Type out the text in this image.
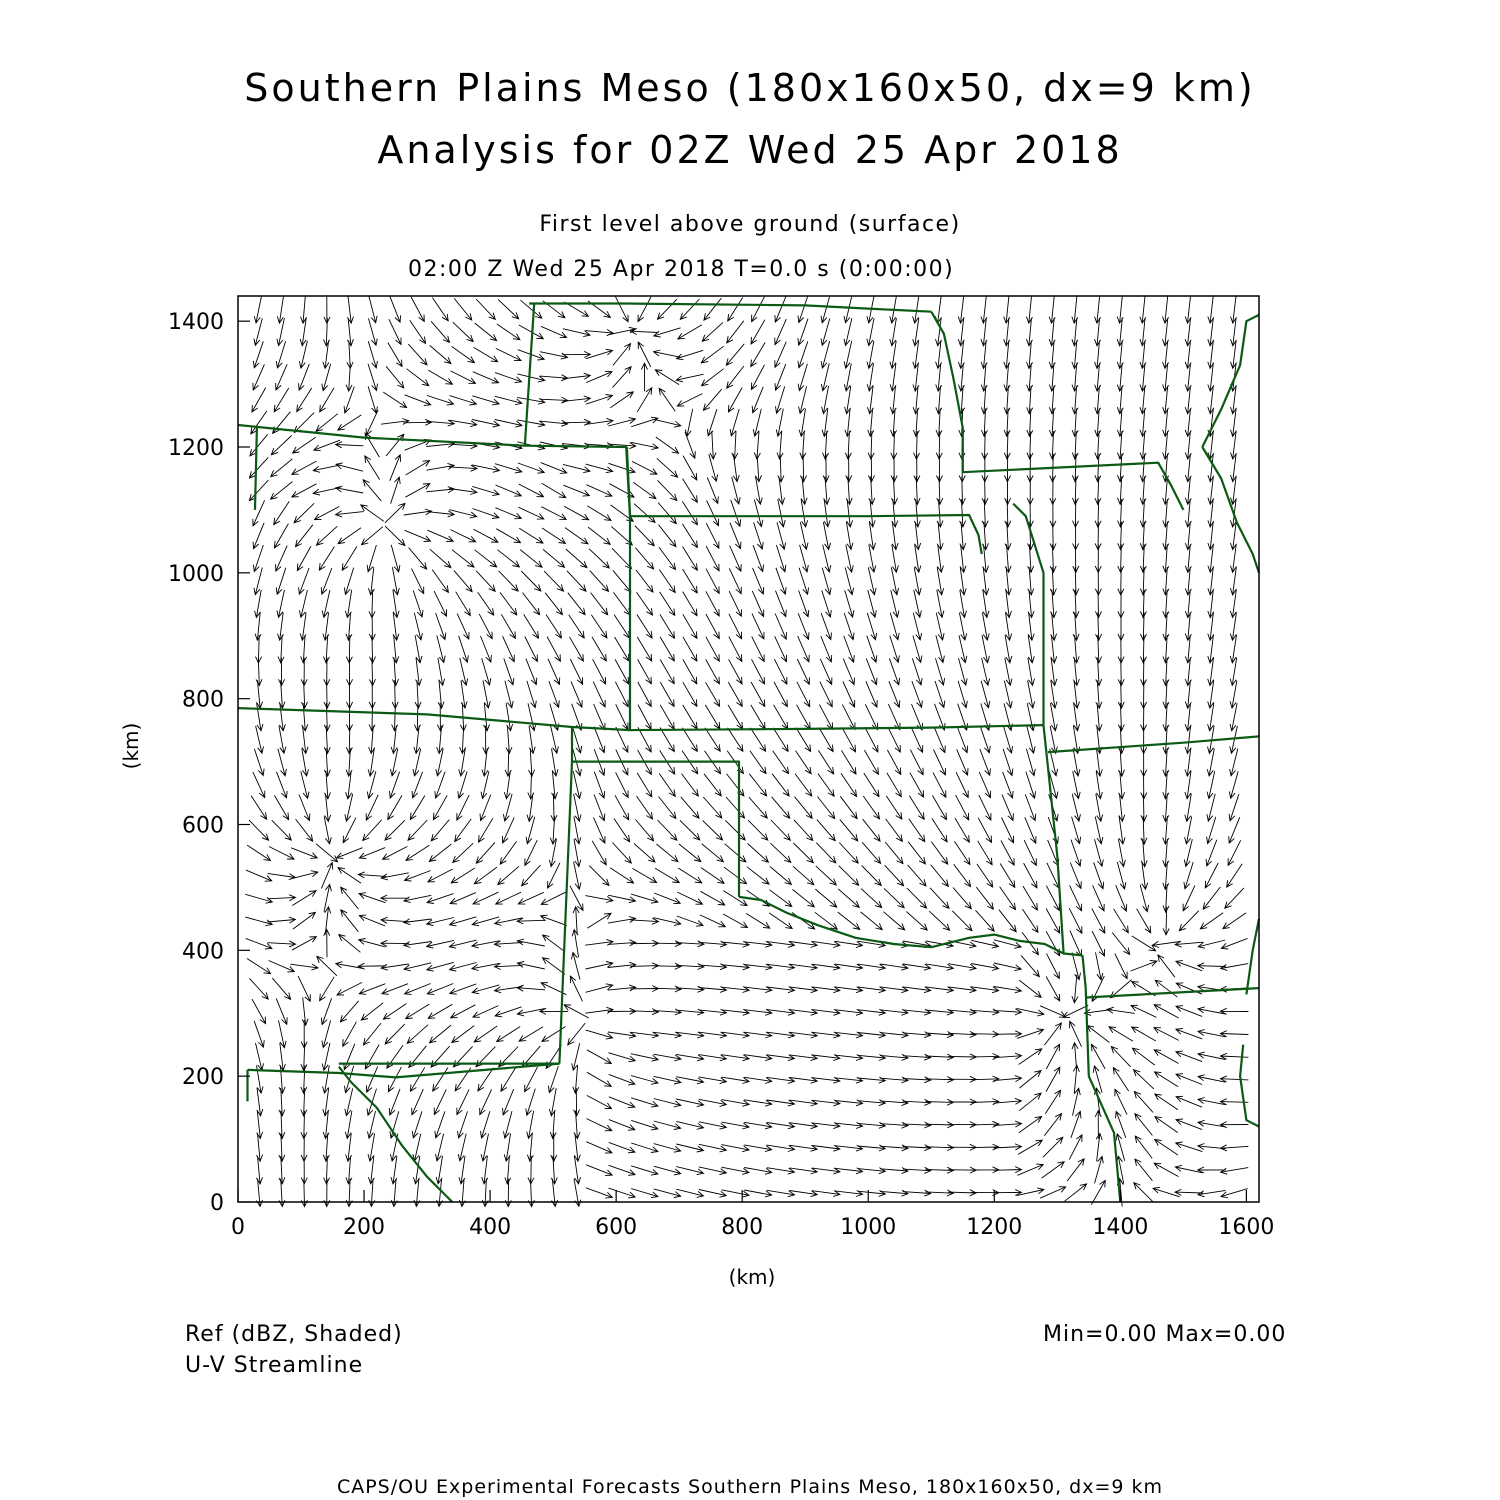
Southern Plains Meso (180x160x50, dx=9 km)
Analysis for 02Z Wed 25 Apr 2018
First level above ground (surface)
02:00 Z Wed 25 Apr 2018 T=0.0 s (0:00:00)
0	200	400	600	800	1000	1200	1400	1600
0
200
400
600
800
1000
1200
1400
(km)
(km)
Ref (dBZ, Shaded)
U-V Streamline
Min=0.00 Max=0.00
CAPS/OU Experimental Forecasts Southern Plains Meso, 180x160x50, dx=9 km
